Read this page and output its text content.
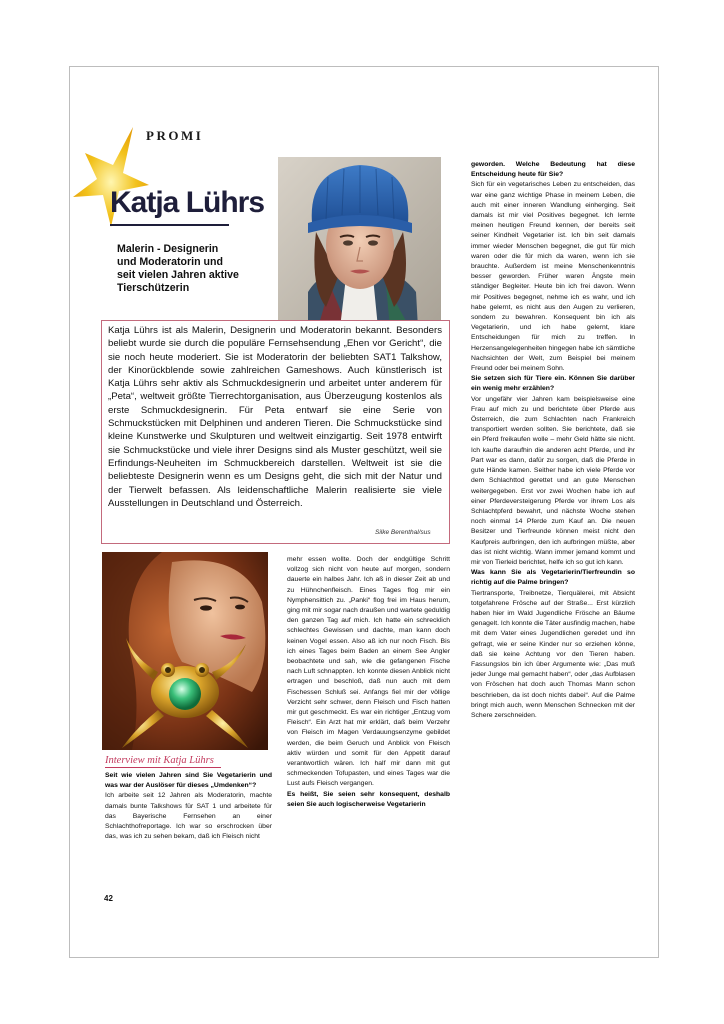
PROMI
Katja Lührs
Malerin - Designerin
und Moderatorin und
seit vielen Jahren aktive
Tierschützerin
Katja Lührs ist als Malerin, Designerin und Moderatorin bekannt. Besonders beliebt wurde sie durch die populäre Fernsehsendung „Ehen vor Gericht“, die sie noch heute moderiert. Sie ist Moderatorin der beliebten SAT1 Talkshow, der Kinorückblende sowie zahlreichen Gameshows. Auch künstlerisch ist Katja Lührs sehr aktiv als Schmuckdesignerin und arbeitet unter anderem für „Peta“, weltweit größte Tierrechtorganisation, aus Überzeugung kostenlos als erste Schmuckdesignerin. Für Peta entwarf sie eine Serie von Schmuckstücken mit Delphinen und anderen Tieren. Die Schmuckstücke sind kleine Kunstwerke und Skulpturen und weltweit einzigartig. Seit 1978 entwirft sie Schmuckstücke und viele ihrer Designs sind als Muster geschützt, weil sie Erfindungs-Neuheiten im Schmuckbereich darstellen. Weltweit ist sie die beliebteste Designerin wenn es um Designs geht, die sich mit der Natur und der Tierwelt befassen. Als leidenschaftliche Malerin realisierte sie viele Ausstellungen in Deutschland und Österreich.
Silke Berenthal/sus
Interview mit Katja Lührs

Seit wie vielen Jahren sind Sie Vegetarierin und was war der Auslöser für dieses „Umdenken“?

Ich arbeite seit 12 Jahren als Moderatorin, machte damals bunte Talkshows für SAT 1 und arbeitete für das Bayerische Fernsehen an einer Schlachthofreportage. Ich war so erschrocken über das, was ich zu sehen bekam, daß ich Fleisch nicht

mehr essen wollte. Doch der endgültige Schritt vollzog sich nicht von heute auf morgen, sondern dauerte ein halbes Jahr. Ich aß in dieser Zeit ab und zu Hühnchenfleisch. Eines Tages flog mir ein Nymphensittich zu. „Panki“ flog frei im Haus herum, ging mit mir sogar nach draußen und wartete geduldig den ganzen Tag auf mich. Ich hatte ein schrecklich schlechtes Gewissen und dachte, man kann doch keinen Vogel essen. Also aß ich nur noch Fisch. Bis ich eines Tages beim Baden an einem See Angler beobachtete und sah, wie die gefangenen Fische nach Luft schnappten. Ich konnte diesen Anblick nicht ertragen und beschloß, daß nun auch mit dem Fischessen Schluß sei. Anfangs fiel mir der völlige Verzicht sehr schwer, denn Fleisch und Fisch hatten mir gut geschmeckt. Es war ein richtiger „Entzug vom Fleisch“. Ein Arzt hat mir erklärt, daß beim Verzehr von Fleisch im Magen Verdauungsenzyme gebildet werden, die beim Geruch und Anblick von Fleisch aktiv würden und somit für den Appetit darauf verantwortlich wären. Ich half mir dann mit gut schmeckenden Tofupasten, und eines Tages war die Lust aufs Fleisch vergangen.

Es heißt, Sie seien sehr konsequent, deshalb seien Sie auch logischerweise Vegetarierin

geworden. Welche Bedeutung hat diese Entscheidung heute für Sie?

Sich für ein vegetarisches Leben zu entscheiden, das war eine ganz wichtige Phase in meinem Leben, die auch mit einer inneren Wandlung einherging. Seit damals ist mir viel Positives begegnet. Ich lernte meinen heutigen Freund kennen, der bereits seit seiner Kindheit Vegetarier ist. Ich bin seit damals immer wieder Menschen begegnet, die gut für mich waren oder die für mich da waren, wenn ich sie brauchte. Außerdem ist meine Menschenkenntnis besser geworden. Früher waren Ängste mein ständiger Begleiter. Heute bin ich frei davon. Wenn mir Positives begegnet, nehme ich es wahr, und ich habe gelernt, es nicht aus den Augen zu verlieren, sondern zu bewahren. Konsequent bin ich als Vegetarierin, und ich habe gelernt, klare Entscheidungen für mich zu treffen. In Herzensangelegenheiten hingegen habe ich sämtliche Nachsichten der Welt, zum Beispiel bei meinem Freund oder bei meinem Sohn.

Sie setzen sich für Tiere ein. Können Sie darüber ein wenig mehr erzählen?

Vor ungefähr vier Jahren kam beispielsweise eine Frau auf mich zu und berichtete über Pferde aus Österreich, die zum Schlachten nach Frankreich transportiert werden sollten. Sie berichtete, daß sie ein Pferd freikaufen wolle – mehr Geld hätte sie nicht. Ich kaufte daraufhin die anderen acht Pferde, und ihr Part war es dann, dafür zu sorgen, daß die Pferde in gute Hände kamen. Seither habe ich viele Pferde vor dem Schlachttod gerettet und an gute Menschen weitergegeben. Erst vor zwei Wochen habe ich auf einer Pferdeversteigerung Pferde vor ihrem Los als Schlachtpferd bewahrt, und nächste Woche stehen noch einmal 14 Pferde zum Kauf an. Die neuen Besitzer und Tierfreunde können meist nicht den Kaufpreis aufbringen, den ich aufbringen müßte, aber das ist nicht wichtig. Wann immer jemand kommt und mir von Tierleid berichtet, helfe ich so gut ich kann.

Was kann Sie als Vegetarierin/Tierfreundin so richtig auf die Palme bringen?

Tiertransporte, Treibnetze, Tierquälerei, mit Absicht totgefahrene Frösche auf der Straße... Erst kürzlich haben hier im Wald Jugendliche Frösche an Bäume genagelt. Ich konnte die Täter ausfindig machen, habe mit dem Vater eines Jugendlichen geredet und ihn gefragt, wie er seine Kinder nur so erziehen könne, daß sie keine Achtung vor den Tieren haben. Fassungslos bin ich über Argumente wie: „Das muß jeder Junge mal gemacht haben“, oder „das Aufblasen von Fröschen hat doch auch Thomas Mann schon beschrieben, da ist doch nichts dabei“. Auf die Palme bringt mich auch, wenn Menschen Schnecken mit der Schere zerschneiden.

42
